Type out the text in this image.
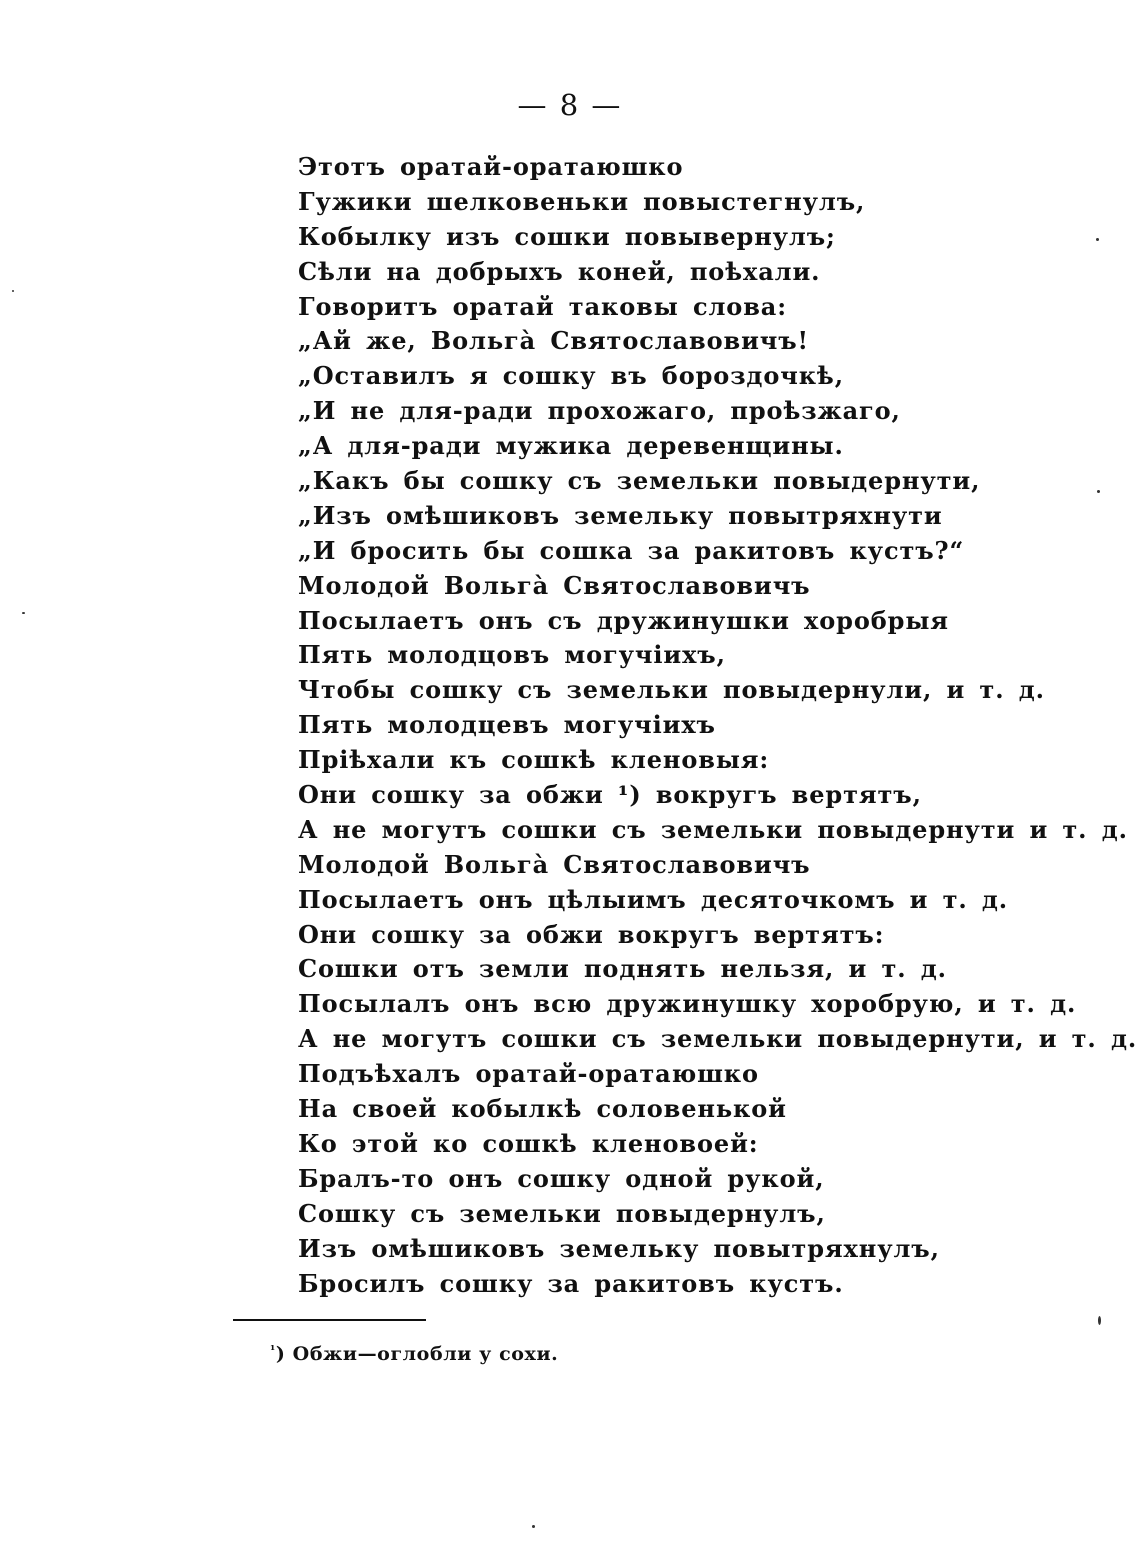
— 8 —
Этотъ оратай-оратаюшко
Гужики шелковеньки повыстегнулъ,
Кобылку изъ сошки повывернулъ;
Сѣли на добрыхъ коней, поѣхали.
Говоритъ оратай таковы слова:
„Ай же, Вольга̀ Святославовичъ!
„Оставилъ я сошку въ бороздочкѣ,
„И не для-ради прохожаго, проѣзжаго,
„А для-ради мужика деревенщины.
„Какъ бы сошку съ земельки повыдернути,
„Изъ омѣшиковъ земельку повытряхнути
„И бросить бы сошка за ракитовъ кустъ?“
Молодой Вольга̀ Святославовичъ
Посылаетъ онъ съ дружинушки хоробрыя
Пять молодцовъ могучіихъ,
Чтобы сошку съ земельки повыдернули, и т. д.
Пять молодцевъ могучіихъ
Пріѣхали къ сошкѣ кленовыя:
Они сошку за обжи ¹) вокругъ вертятъ,
А не могутъ сошки съ земельки повыдернути и т. д.
Молодой Вольга̀ Святославовичъ
Посылаетъ онъ цѣлыимъ десяточкомъ и т. д.
Они сошку за обжи вокругъ вертятъ:
Сошки отъ земли поднять нельзя, и т. д.
Посылалъ онъ всю дружинушку хоробрую, и т. д.
А не могутъ сошки съ земельки повыдернути, и т. д.
Подъѣхалъ оратай-оратаюшко
На своей кобылкѣ соловенькой
Ко этой ко сошкѣ кленовоей:
Бралъ-то онъ сошку одной рукой,
Сошку съ земельки повыдернулъ,
Изъ омѣшиковъ земельку повытряхнулъ,
Бросилъ сошку за ракитовъ кустъ.
$^{^1}$) Обжи—оглобли у сохи.
